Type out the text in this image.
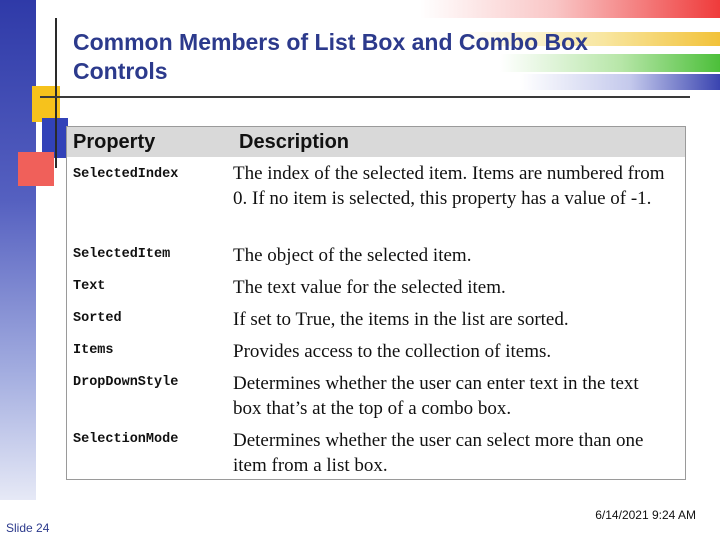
Common Members of List Box and Combo Box Controls
Property	Description
SelectedIndex	The index of the selected item. Items are numbered from 0. If no item is selected, this property has a value of -1.
SelectedItem	The object of the selected item.
Text	The text value for the selected item.
Sorted	If set to True, the items in the list are sorted.
Items	Provides access to the collection of items.
DropDownStyle	Determines whether the user can enter text in the text box that’s at the top of a combo box.
SelectionMode	Determines whether the user can select more than one item from a list box.
6/14/2021 9:24 AM
Slide 24
